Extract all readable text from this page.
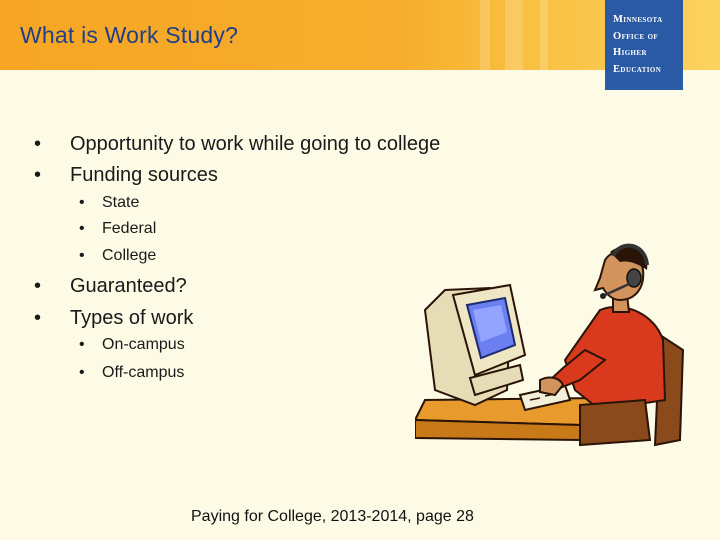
What is Work Study?
Minnesota
Office of
Higher
Education
• Opportunity to work while going to college
• Funding sources
• State
• Federal
• College
• Guaranteed?
• Types of work
• On-campus
• Off-campus
Paying for College, 2013-2014, page 28
